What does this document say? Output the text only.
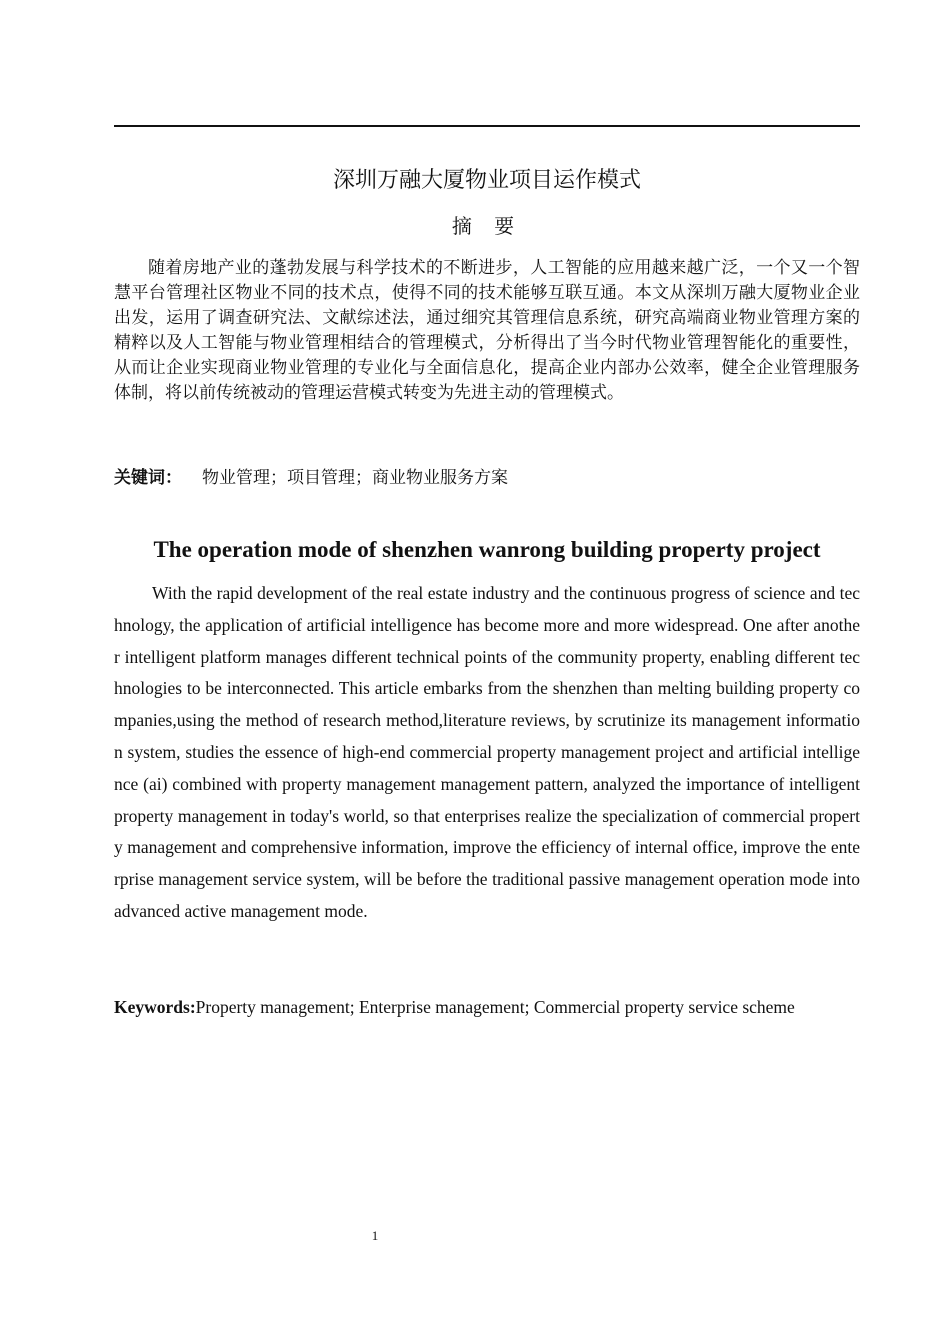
深圳万融大厦物业项目运作模式
摘 要

随着房地产业的蓬勃发展与科学技术的不断进步，人工智能的应用越来越广泛，一个又一个智慧平台管理社区物业不同的技术点，使得不同的技术能够互联互通。本文从深圳万融大厦物业企业出发，运用了调查研究法、文献综述法，通过细究其管理信息系统，研究高端商业物业管理方案的精粹以及人工智能与物业管理相结合的管理模式，分析得出了当今时代物业管理智能化的重要性，从而让企业实现商业物业管理的专业化与全面信息化，提高企业内部办公效率，健全企业管理服务体制，将以前传统被动的管理运营模式转变为先进主动的管理模式。

关键词： 物业管理；项目管理；商业物业服务方案
The operation mode of shenzhen wanrong building property project

With the rapid development of the real estate industry and the continuous progress of science and technology, the application of artificial intelligence has become more and more widespread. One after another intelligent platform manages different technical points of the community property, enabling different technologies to be interconnected. This article embarks from the shenzhen than melting building property companies,using the method of research method,literature reviews, by scrutinize its management information system, studies the essence of high-end commercial property management project and artificial intelligence (ai) combined with property management management pattern, analyzed the importance of intelligent property management in today's world, so that enterprises realize the specialization of commercial property management and comprehensive information, improve the efficiency of internal office, improve the enterprise management service system, will be before the traditional passive management operation mode into advanced active management mode.

Keywords:Property management; Enterprise management; Commercial property service scheme
1
